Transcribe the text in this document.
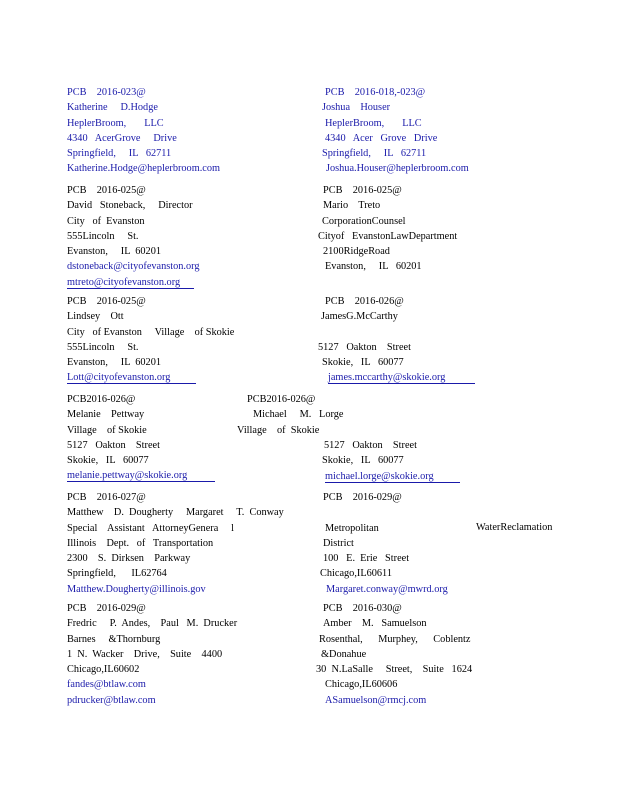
PCB    2016-023@
Katherine     D.Hodge
HeplerBroom,       LLC
4340   AcerGrove     Drive
Springfield,     IL   62711
Katherine.Hodge@heplerbroom.com
PCB    2016-018,-023@
Joshua    Houser
HeplerBroom,       LLC
4340   Acer   Grove   Drive
Springfield,     IL   62711
Joshua.Houser@heplerbroom.com
PCB    2016-025@
David   Stoneback,     Director
City   of  Evanston
555Lincoln     St.
Evanston,     IL  60201
dstoneback@cityofevanston.org
mtreto@cityofevanston.org
PCB    2016-025@
Mario    Treto
CorporationCounsel
Cityof   EvanstonLawDepartment
2100RidgeRoad
Evanston,     IL   60201
PCB    2016-025@
Lindsey    Ott
City   of Evanston     Village    of Skokie
555Lincoln     St.
Evanston,     IL  60201
Lott@cityofevanston.org
PCB    2016-026@
JamesG.McCarthy
5127   Oakton    Street
Skokie,   IL   60077
james.mccarthy@skokie.org
PCB2016-026@
Melanie    Pettway
Village    of Skokie
5127   Oakton    Street
Skokie,   IL   60077
melanie.pettway@skokie.org
PCB2016-026@
Michael     M.   Lorge
Village    of  Skokie
5127   Oakton    Street
Skokie,   IL   60077
michael.lorge@skokie.org
PCB    2016-027@
Matthew    D.  Dougherty     Margaret     T.  Conway
Special    Assistant   AttorneyGenera     l
Illinois    Dept.   of   Transportation
2300    S.  Dirksen    Parkway
Springfield,      IL62764
Matthew.Dougherty@illinois.gov
PCB    2016-029@
Metropolitan
District
100   E.  Erie   Street
Chicago,IL60611
Margaret.conway@mwrd.org
WaterReclamation
PCB    2016-029@
Fredric     P.  Andes,    Paul   M.  Drucker
Barnes     &Thornburg
1  N.  Wacker    Drive,    Suite    4400
Chicago,IL60602
fandes@btlaw.com
pdrucker@btlaw.com
PCB    2016-030@
Amber    M.   Samuelson
Rosenthal,      Murphey,      Coblentz
&Donahue
30  N.LaSalle     Street,    Suite   1624
Chicago,IL60606
ASamuelson@rmcj.com
